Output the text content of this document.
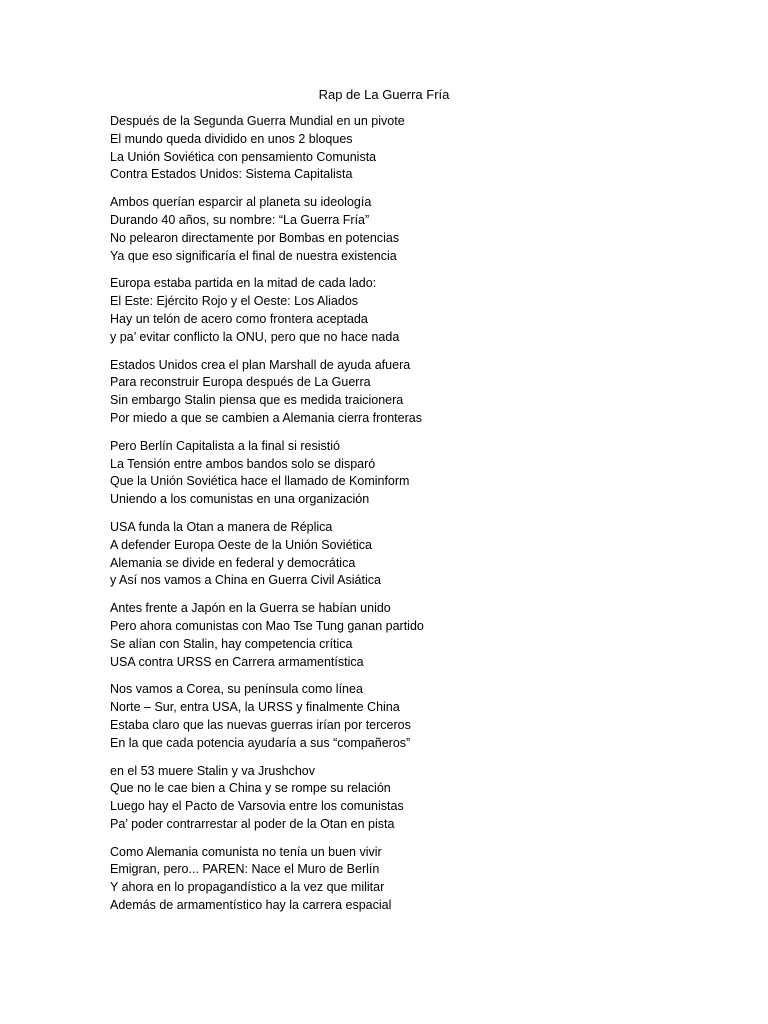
Rap de La Guerra Fría
Después de la Segunda Guerra Mundial en un pivote
El mundo queda dividido en unos 2 bloques
La Unión Soviética con pensamiento Comunista
Contra Estados Unidos: Sistema Capitalista
Ambos querían esparcir al planeta su ideología
Durando 40 años, su nombre: “La Guerra Fría”
No pelearon directamente por Bombas en potencias
Ya que eso significaría el final de nuestra existencia
Europa estaba partida en la mitad de cada lado:
El Este: Ejército Rojo y el Oeste: Los Aliados
Hay un telón de acero como frontera aceptada
y pa’ evitar conflicto la ONU, pero que no hace nada
Estados Unidos crea el plan Marshall de ayuda afuera
Para reconstruir Europa después de La Guerra
Sin embargo Stalin piensa que es medida traicionera
Por miedo a que se cambien a Alemania cierra fronteras
Pero Berlín Capitalista a la final si resistió
La Tensión entre ambos bandos solo se disparó
Que la Unión Soviética hace el llamado de Kominform
Uniendo a los comunistas en una organización
USA funda la Otan a manera de Réplica
A defender Europa Oeste de la Unión Soviética
Alemania se divide en federal y democrática
y Así nos vamos a China en Guerra Civil Asiática
Antes frente a Japón en la Guerra se habían unido
Pero ahora comunistas con Mao Tse Tung ganan partido
Se alían con Stalin, hay competencia crítica
USA contra URSS en Carrera armamentística
Nos vamos a Corea, su península como línea
Norte – Sur, entra USA, la URSS y finalmente China
Estaba claro que las nuevas guerras irían por terceros
En la que cada potencia ayudaría a sus “compañeros”
en el 53 muere Stalin y va Jrushchov
Que no le cae bien a China y se rompe su relación
Luego hay el Pacto de Varsovia entre los comunistas
Pa’ poder contrarrestar al poder de la Otan en pista
Como Alemania comunista no tenía un buen vivir
Emigran, pero... PAREN: Nace el Muro de Berlín
Y ahora en lo propagandístico a la vez que militar
Además de armamentístico hay la carrera espacial
